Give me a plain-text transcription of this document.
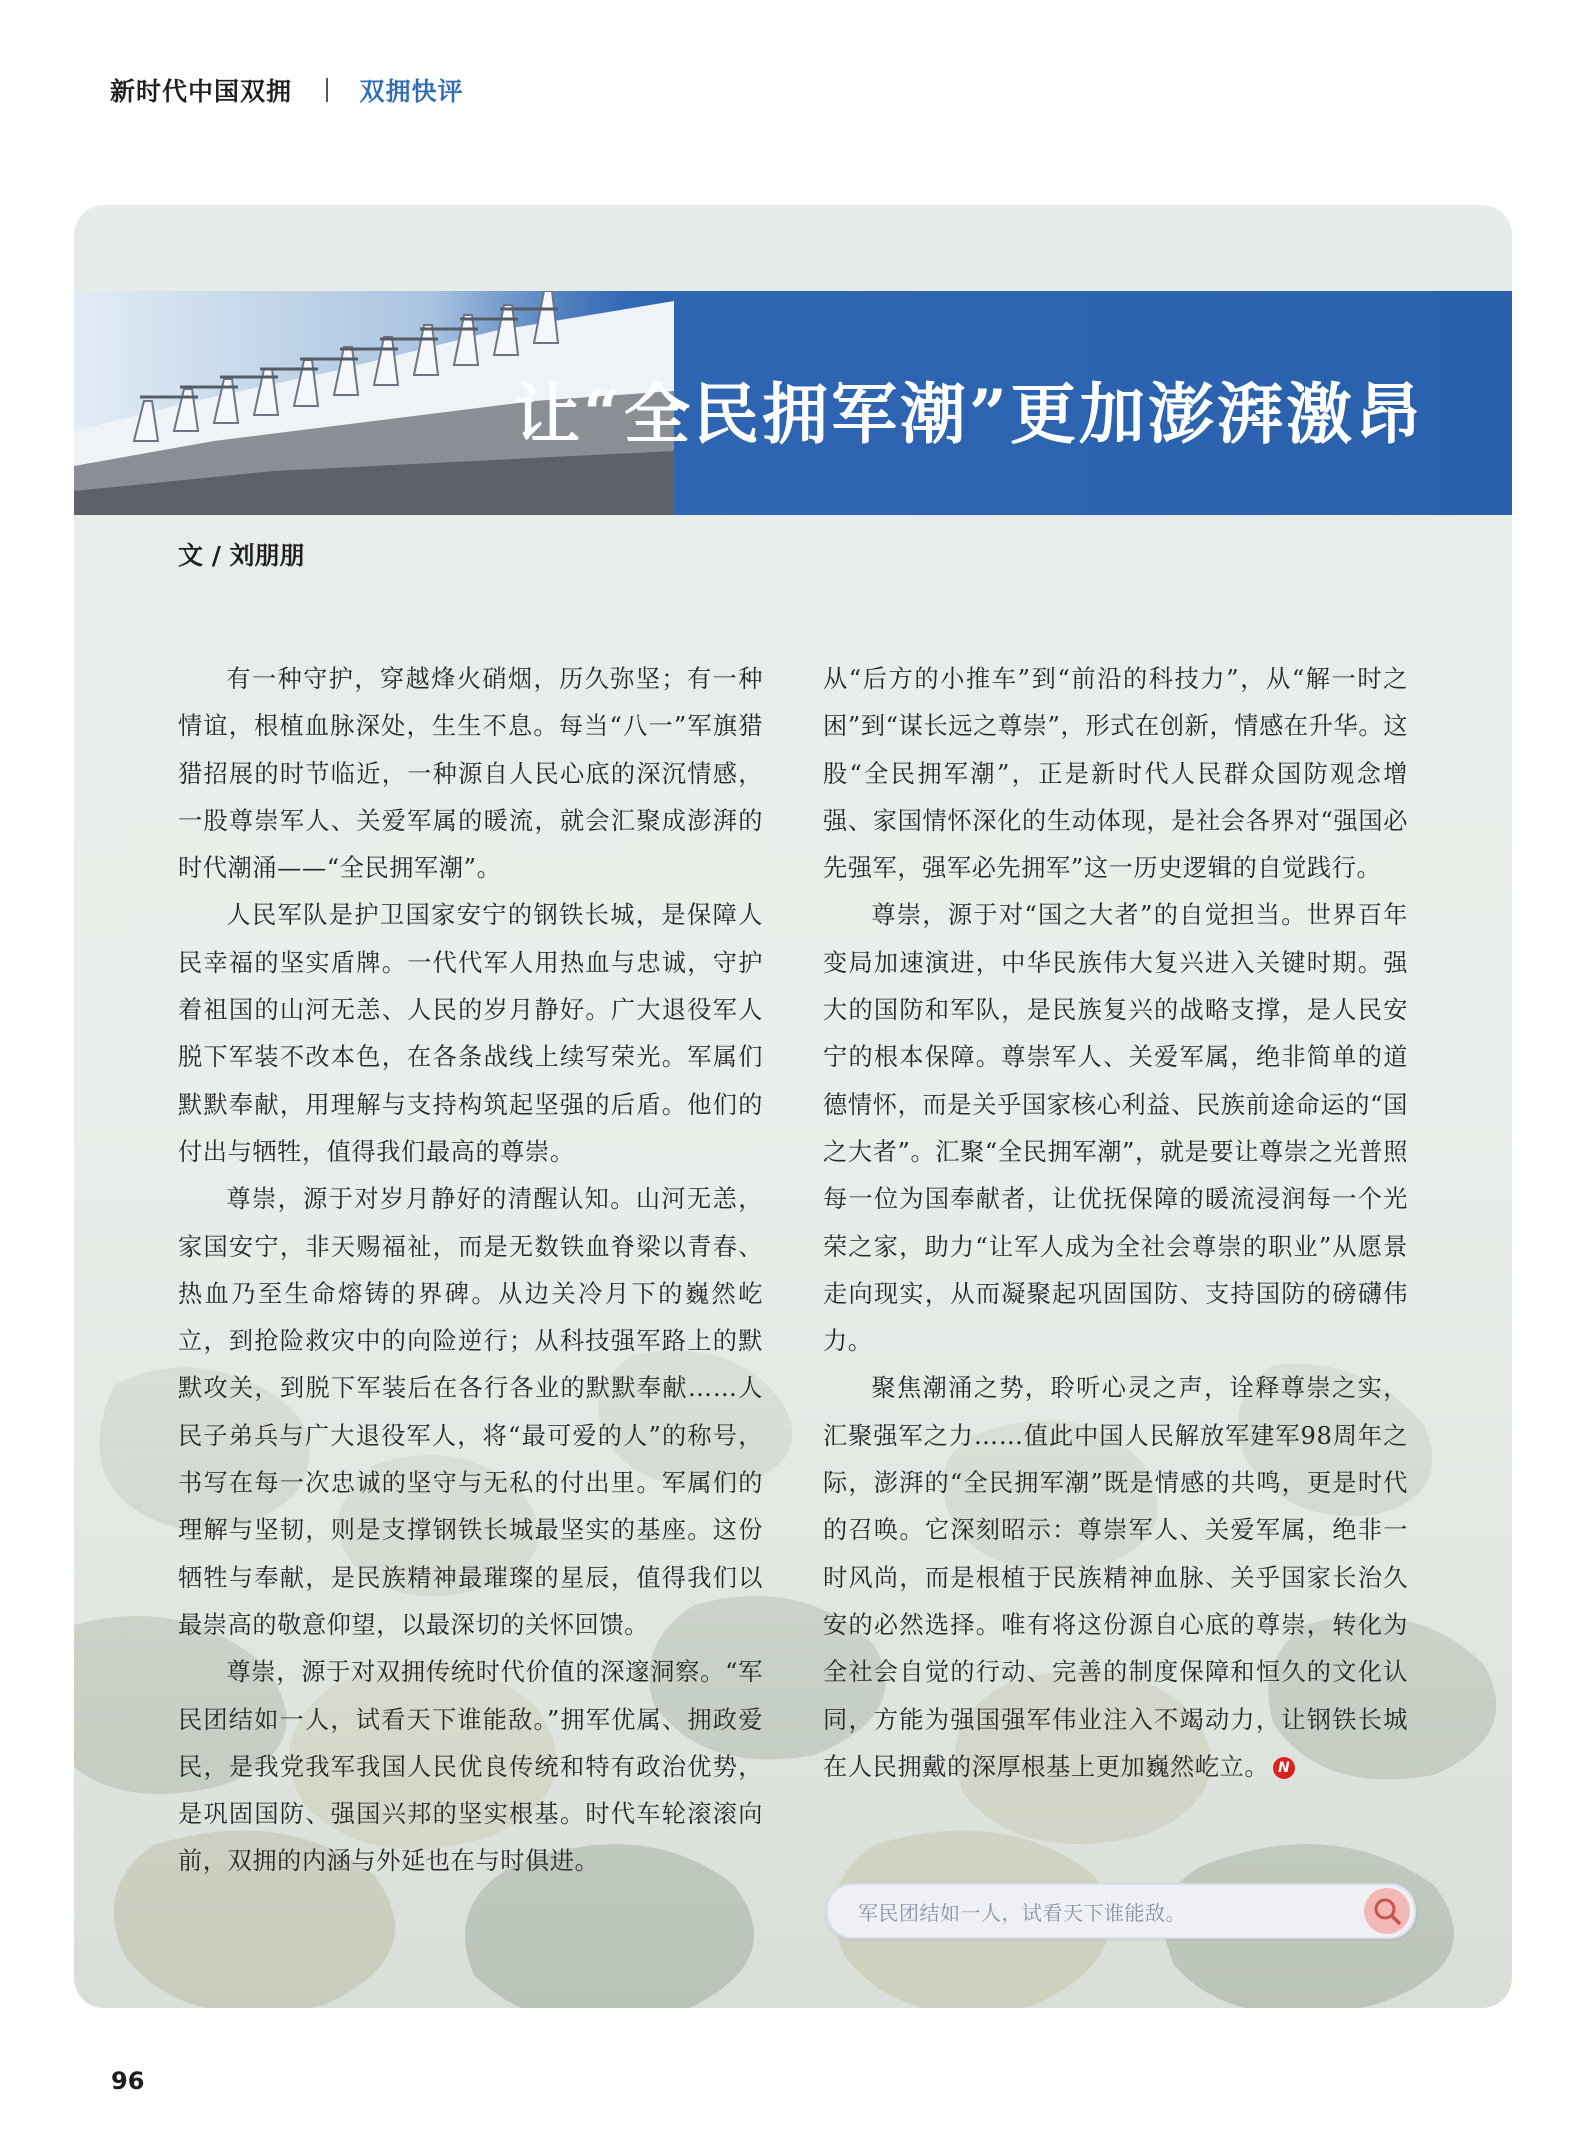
新时代中国双拥	双拥快评
让“全民拥军潮”更加澎湃激昂
文 / 刘朋朋

有一种守护，穿越烽火硝烟，历久弥坚；有一种情谊，根植血脉深处，生生不息。每当“八一”军旗猎猎招展的时节临近，一种源自人民心底的深沉情感，一股尊崇军人、关爱军属的暖流，就会汇聚成澎湃的时代潮涌——“全民拥军潮”。

人民军队是护卫国家安宁的钢铁长城，是保障人民幸福的坚实盾牌。一代代军人用热血与忠诚，守护着祖国的山河无恙、人民的岁月静好。广大退役军人脱下军装不改本色，在各条战线上续写荣光。军属们默默奉献，用理解与支持构筑起坚强的后盾。他们的付出与牺牲，值得我们最高的尊崇。

尊崇，源于对岁月静好的清醒认知。山河无恙，家国安宁，非天赐福祉，而是无数铁血脊梁以青春、热血乃至生命熔铸的界碑。从边关冷月下的巍然屹立，到抢险救灾中的向险逆行；从科技强军路上的默默攻关，到脱下军装后在各行各业的默默奉献……人民子弟兵与广大退役军人，将“最可爱的人”的称号，书写在每一次忠诚的坚守与无私的付出里。军属们的理解与坚韧，则是支撑钢铁长城最坚实的基座。这份牺牲与奉献，是民族精神最璀璨的星辰，值得我们以最崇高的敬意仰望，以最深切的关怀回馈。

尊崇，源于对双拥传统时代价值的深邃洞察。“军民团结如一人，试看天下谁能敌。”拥军优属、拥政爱民，是我党我军我国人民优良传统和特有政治优势，是巩固国防、强国兴邦的坚实根基。时代车轮滚滚向前，双拥的内涵与外延也在与时俱进。

从“后方的小推车”到“前沿的科技力”，从“解一时之困”到“谋长远之尊崇”，形式在创新，情感在升华。这股“全民拥军潮”，正是新时代人民群众国防观念增强、家国情怀深化的生动体现，是社会各界对“强国必先强军，强军必先拥军”这一历史逻辑的自觉践行。

尊崇，源于对“国之大者”的自觉担当。世界百年变局加速演进，中华民族伟大复兴进入关键时期。强大的国防和军队，是民族复兴的战略支撑，是人民安宁的根本保障。尊崇军人、关爱军属，绝非简单的道德情怀，而是关乎国家核心利益、民族前途命运的“国之大者”。汇聚“全民拥军潮”，就是要让尊崇之光普照每一位为国奉献者，让优抚保障的暖流浸润每一个光荣之家，助力“让军人成为全社会尊崇的职业”从愿景走向现实，从而凝聚起巩固国防、支持国防的磅礴伟力。

聚焦潮涌之势，聆听心灵之声，诠释尊崇之实，汇聚强军之力……值此中国人民解放军建军98周年之际，澎湃的“全民拥军潮”既是情感的共鸣，更是时代的召唤。它深刻昭示：尊崇军人、关爱军属，绝非一时风尚，而是根植于民族精神血脉、关乎国家长治久安的必然选择。唯有将这份源自心底的尊崇，转化为全社会自觉的行动、完善的制度保障和恒久的文化认同，方能为强国强军伟业注入不竭动力，让钢铁长城在人民拥戴的深厚根基上更加巍然屹立。 N

军民团结如一人，试看天下谁能敌。
96
